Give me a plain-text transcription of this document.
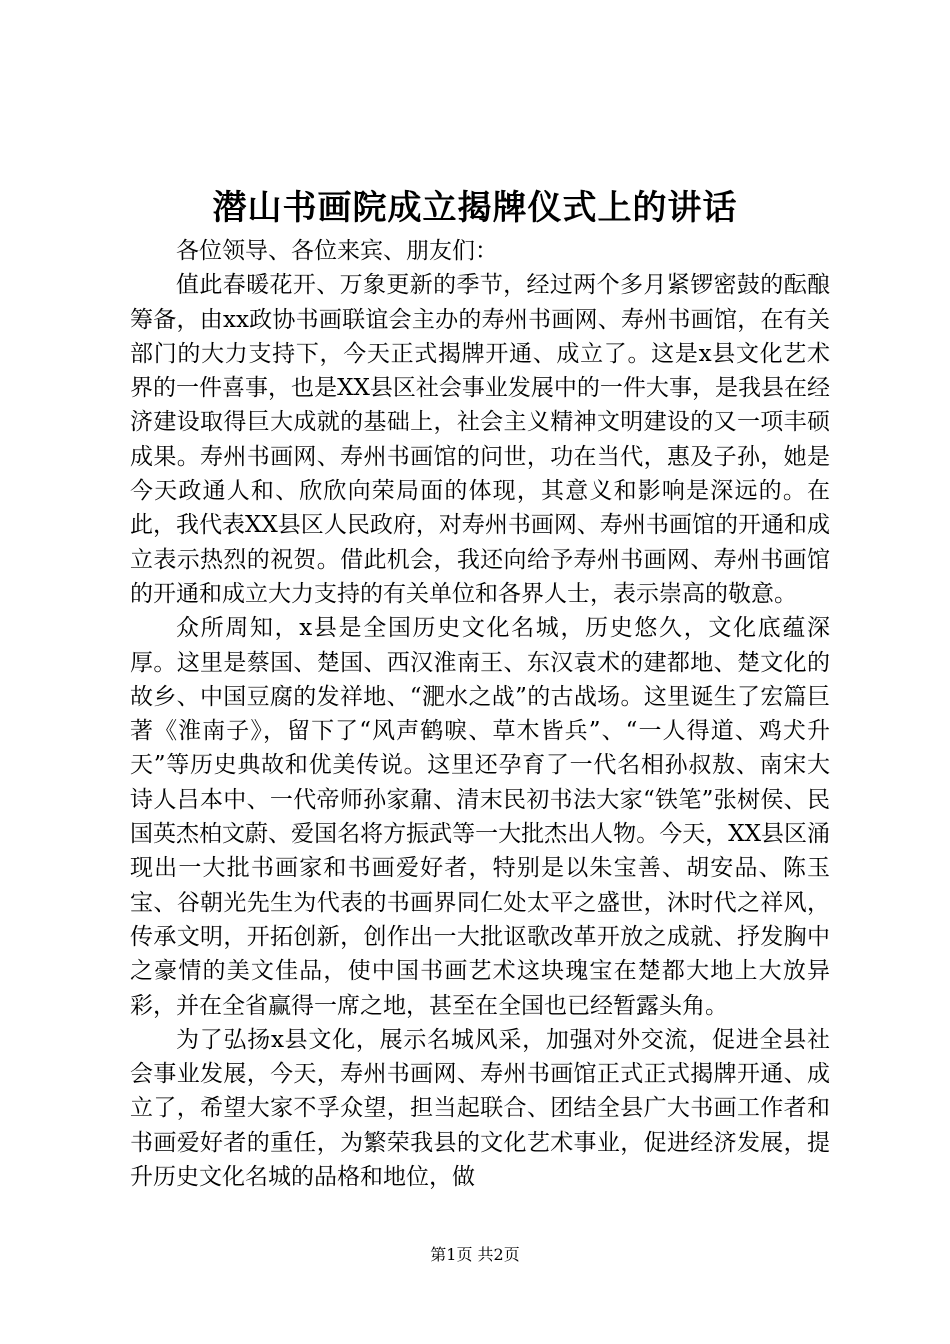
潜山书画院成立揭牌仪式上的讲话

各位领导、各位来宾、朋友们：

值此春暖花开、万象更新的季节，经过两个多月紧锣密鼓的酝酿筹备，由xx政协书画联谊会主办的寿州书画网、寿州书画馆，在有关部门的大力支持下，今天正式揭牌开通、成立了。这是x县文化艺术界的一件喜事，也是XX县区社会事业发展中的一件大事，是我县在经济建设取得巨大成就的基础上，社会主义精神文明建设的又一项丰硕成果。寿州书画网、寿州书画馆的问世，功在当代，惠及子孙，她是今天政通人和、欣欣向荣局面的体现，其意义和影响是深远的。在此，我代表XX县区人民政府，对寿州书画网、寿州书画馆的开通和成立表示热烈的祝贺。借此机会，我还向给予寿州书画网、寿州书画馆的开通和成立大力支持的有关单位和各界人士，表示崇高的敬意。

众所周知，x县是全国历史文化名城，历史悠久，文化底蕴深厚。这里是蔡国、楚国、西汉淮南王、东汉袁术的建都地、楚文化的故乡、中国豆腐的发祥地、“淝水之战”的古战场。这里诞生了宏篇巨著《淮南子》，留下了“风声鹤唳、草木皆兵”、“一人得道、鸡犬升天”等历史典故和优美传说。这里还孕育了一代名相孙叔敖、南宋大诗人吕本中、一代帝师孙家鼐、清末民初书法大家“铁笔”张树侯、民国英杰柏文蔚、爱国名将方振武等一大批杰出人物。今天，XX县区涌现出一大批书画家和书画爱好者，特别是以朱宝善、胡安品、陈玉宝、谷朝光先生为代表的书画界同仁处太平之盛世，沐时代之祥风，传承文明，开拓创新，创作出一大批讴歌改革开放之成就、抒发胸中之豪情的美文佳品，使中国书画艺术这块瑰宝在楚都大地上大放异彩，并在全省赢得一席之地，甚至在全国也已经暂露头角。

为了弘扬x县文化，展示名城风采，加强对外交流，促进全县社会事业发展，今天，寿州书画网、寿州书画馆正式正式揭牌开通、成立了，希望大家不孚众望，担当起联合、团结全县广大书画工作者和书画爱好者的重任，为繁荣我县的文化艺术事业，促进经济发展，提升历史文化名城的品格和地位，做

第1页 共2页
